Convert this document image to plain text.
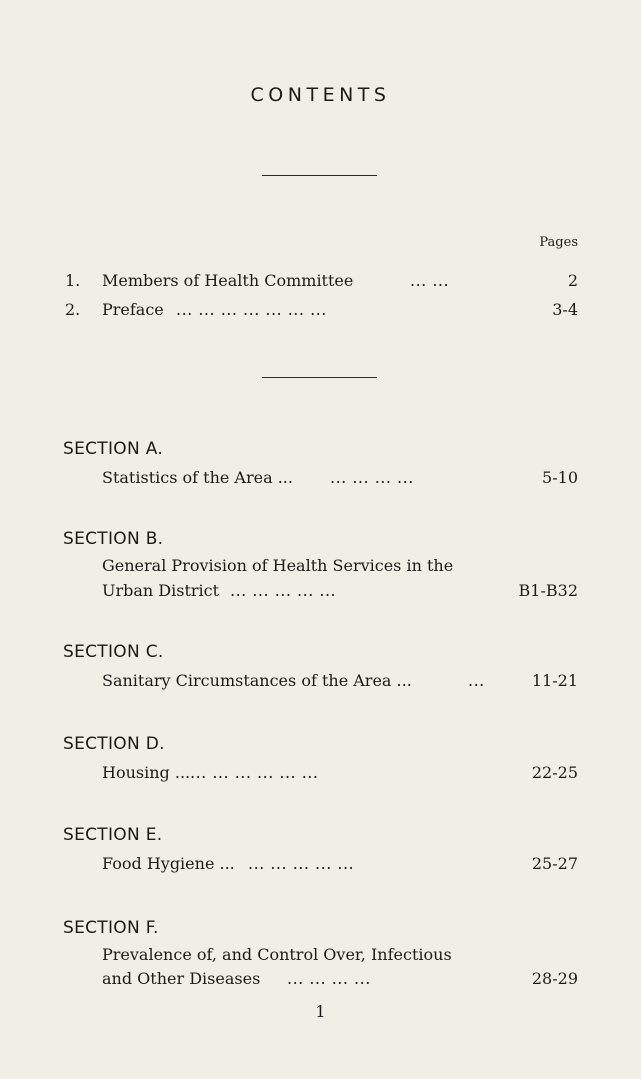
CONTENTS
Pages
1. Members of Health Committee	... ...	2
2. Preface ... ... ... ... ... ... ...	3-4
SECTION A.
Statistics of the Area ... ... ... ... ...	5-10
SECTION B.
General Provision of Health Services in the
Urban District ... ... ... ... ...	B1-B32
SECTION C.
Sanitary Circumstances of the Area ...	...	11-21
SECTION D.
Housing ... ... ... ... ... ... ...	22-25
SECTION E.
Food Hygiene ... ... ... ... ... ...	25-27
SECTION F.
Prevalence of, and Control Over, Infectious
and Other Diseases ... ... ... ...	28-29
1
